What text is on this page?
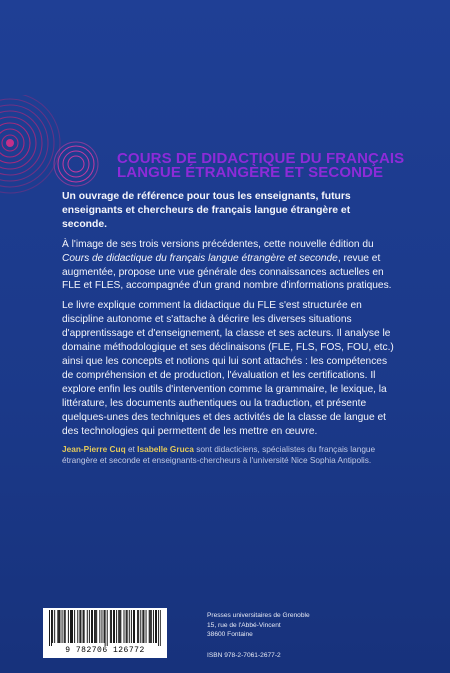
COURS DE DIDACTIQUE DU FRANÇAIS
LANGUE ÉTRANGÈRE ET SECONDE

Un ouvrage de référence pour tous les enseignants, futurs enseignants et chercheurs de français langue étrangère et seconde.

À l'image de ses trois versions précédentes, cette nouvelle édition du Cours de didactique du français langue étrangère et seconde, revue et augmentée, propose une vue générale des connaissances actuelles en FLE et FLES, accompagnée d'un grand nombre d'informations pratiques.

Le livre explique comment la didactique du FLE s'est structurée en discipline autonome et s'attache à décrire les diverses situations d'apprentissage et d'enseignement, la classe et ses acteurs. Il analyse le domaine méthodologique et ses déclinaisons (FLE, FLS, FOS, FOU, etc.) ainsi que les concepts et notions qui lui sont attachés : les compétences de compréhension et de production, l'évaluation et les certifications. Il explore enfin les outils d'intervention comme la grammaire, le lexique, la littérature, les documents authentiques ou la traduction, et présente quelques-unes des techniques et des activités de la classe de langue et des technologies qui permettent de les mettre en œuvre.

Jean-Pierre Cuq et Isabelle Gruca sont didacticiens, spécialistes du français langue étrangère et seconde et enseignants-chercheurs à l'université Nice Sophia Antipolis.

9 782706 126772
Presses universitaires de Grenoble
15, rue de l'Abbé-Vincent
38600 Fontaine
ISBN 978-2-7061-2677-2
